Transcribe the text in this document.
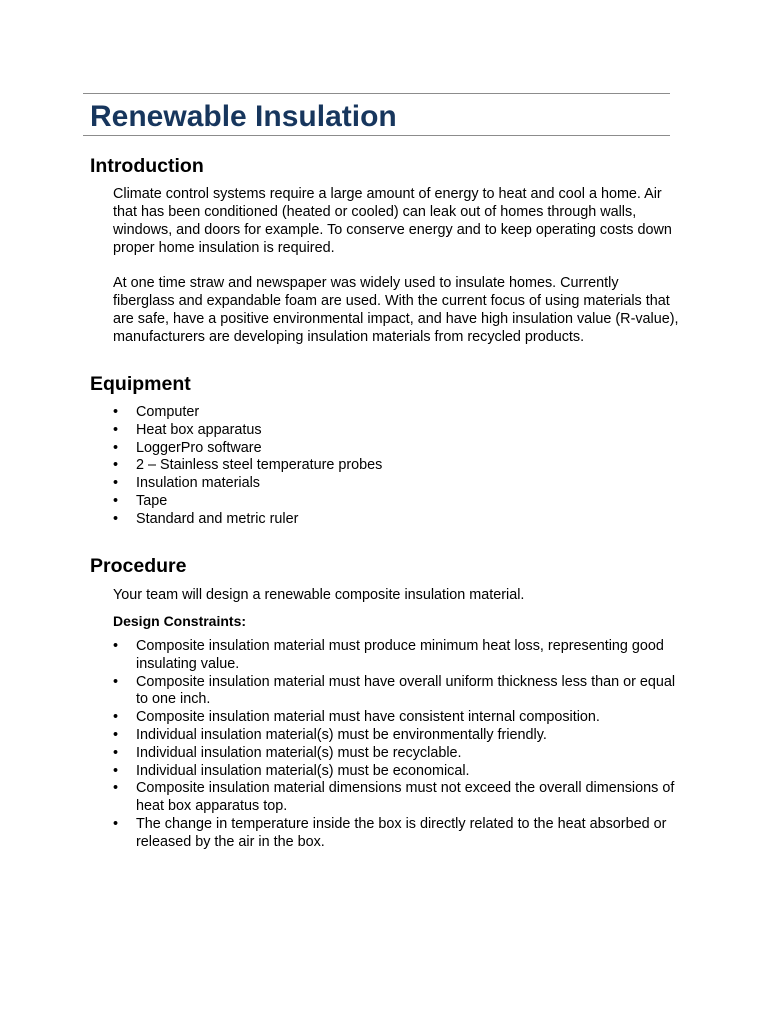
Renewable Insulation
Introduction

Climate control systems require a large amount of energy to heat and cool a home. Air that has been conditioned (heated or cooled) can leak out of homes through walls, windows, and doors for example. To conserve energy and to keep operating costs down proper home insulation is required.

At one time straw and newspaper was widely used to insulate homes. Currently fiberglass and expandable foam are used. With the current focus of using materials that are safe, have a positive environmental impact, and have high insulation value (R-value), manufacturers are developing insulation materials from recycled products.

Equipment
•	Computer
•	Heat box apparatus
•	LoggerPro software
•	2 – Stainless steel temperature probes
•	Insulation materials
•	Tape
•	Standard and metric ruler
Procedure

Your team will design a renewable composite insulation material.

Design Constraints:

•	Composite insulation material must produce minimum heat loss, representing good insulating value.
•	Composite insulation material must have overall uniform thickness less than or equal to one inch.
•	Composite insulation material must have consistent internal composition.
•	Individual insulation material(s) must be environmentally friendly.
•	Individual insulation material(s) must be recyclable.
•	Individual insulation material(s) must be economical.
•	Composite insulation material dimensions must not exceed the overall dimensions of heat box apparatus top.
•	The change in temperature inside the box is directly related to the heat absorbed or released by the air in the box.
